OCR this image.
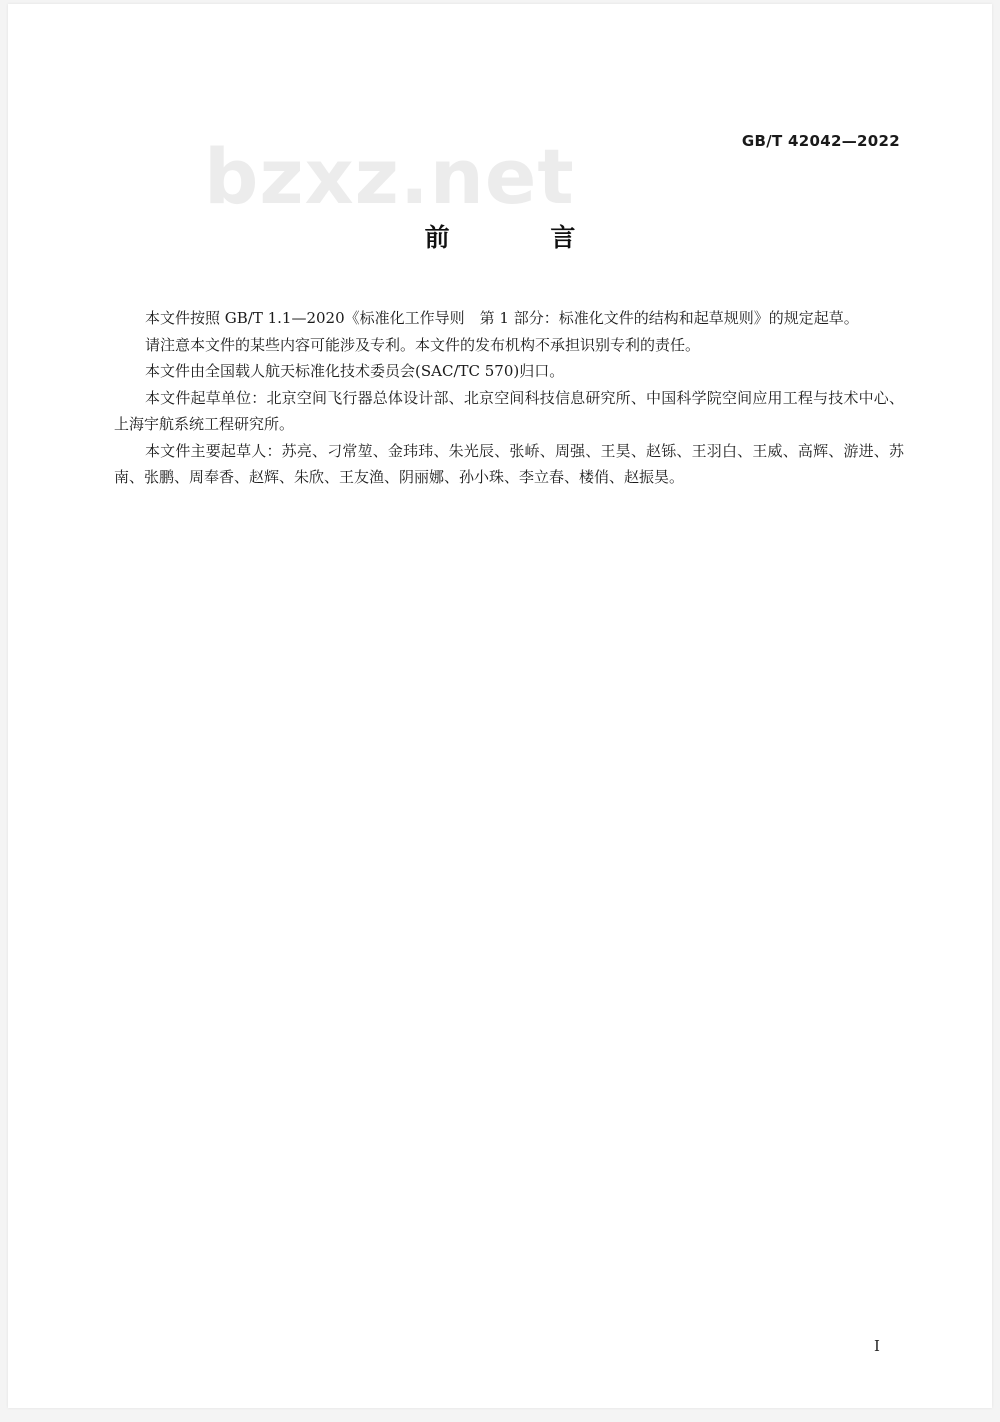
bzxz.net	GB/T 42042—2022
前 言

本文件按照 GB/T 1.1—2020《标准化工作导则　第 1 部分：标准化文件的结构和起草规则》的规定起草。

请注意本文件的某些内容可能涉及专利。本文件的发布机构不承担识别专利的责任。

本文件由全国载人航天标准化技术委员会(SAC/TC 570)归口。

本文件起草单位：北京空间飞行器总体设计部、北京空间科技信息研究所、中国科学院空间应用工程与技术中心、上海宇航系统工程研究所。

本文件主要起草人：苏亮、刁常堃、金玮玮、朱光辰、张峤、周强、王昊、赵铄、王羽白、王威、高辉、游进、苏南、张鹏、周奉香、赵辉、朱欣、王友渔、阴丽娜、孙小珠、李立春、楼俏、赵振昊。

I
